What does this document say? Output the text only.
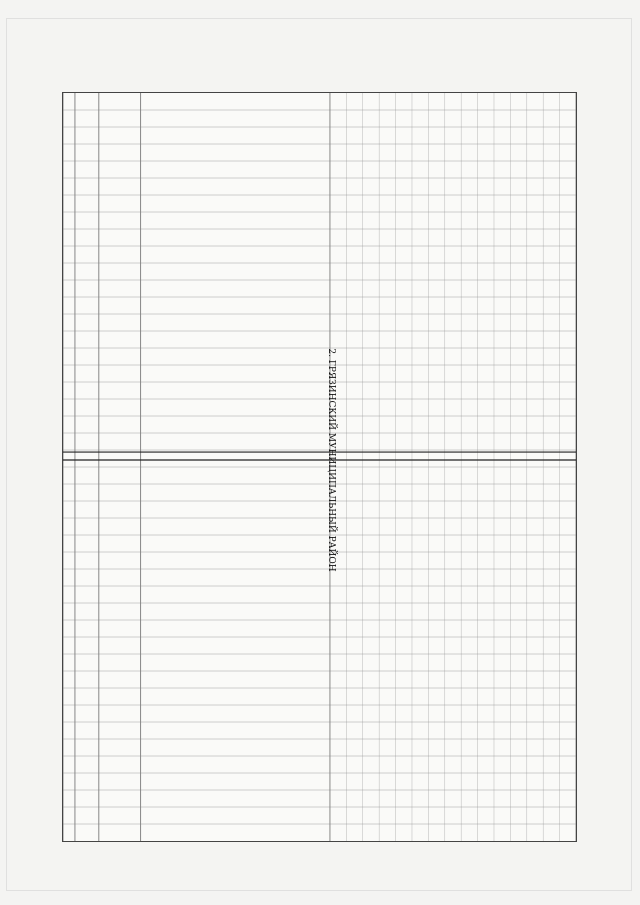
2. ГРЯЗИНСКИЙ МУНИЦИПАЛЬНЫЙ РАЙОН
